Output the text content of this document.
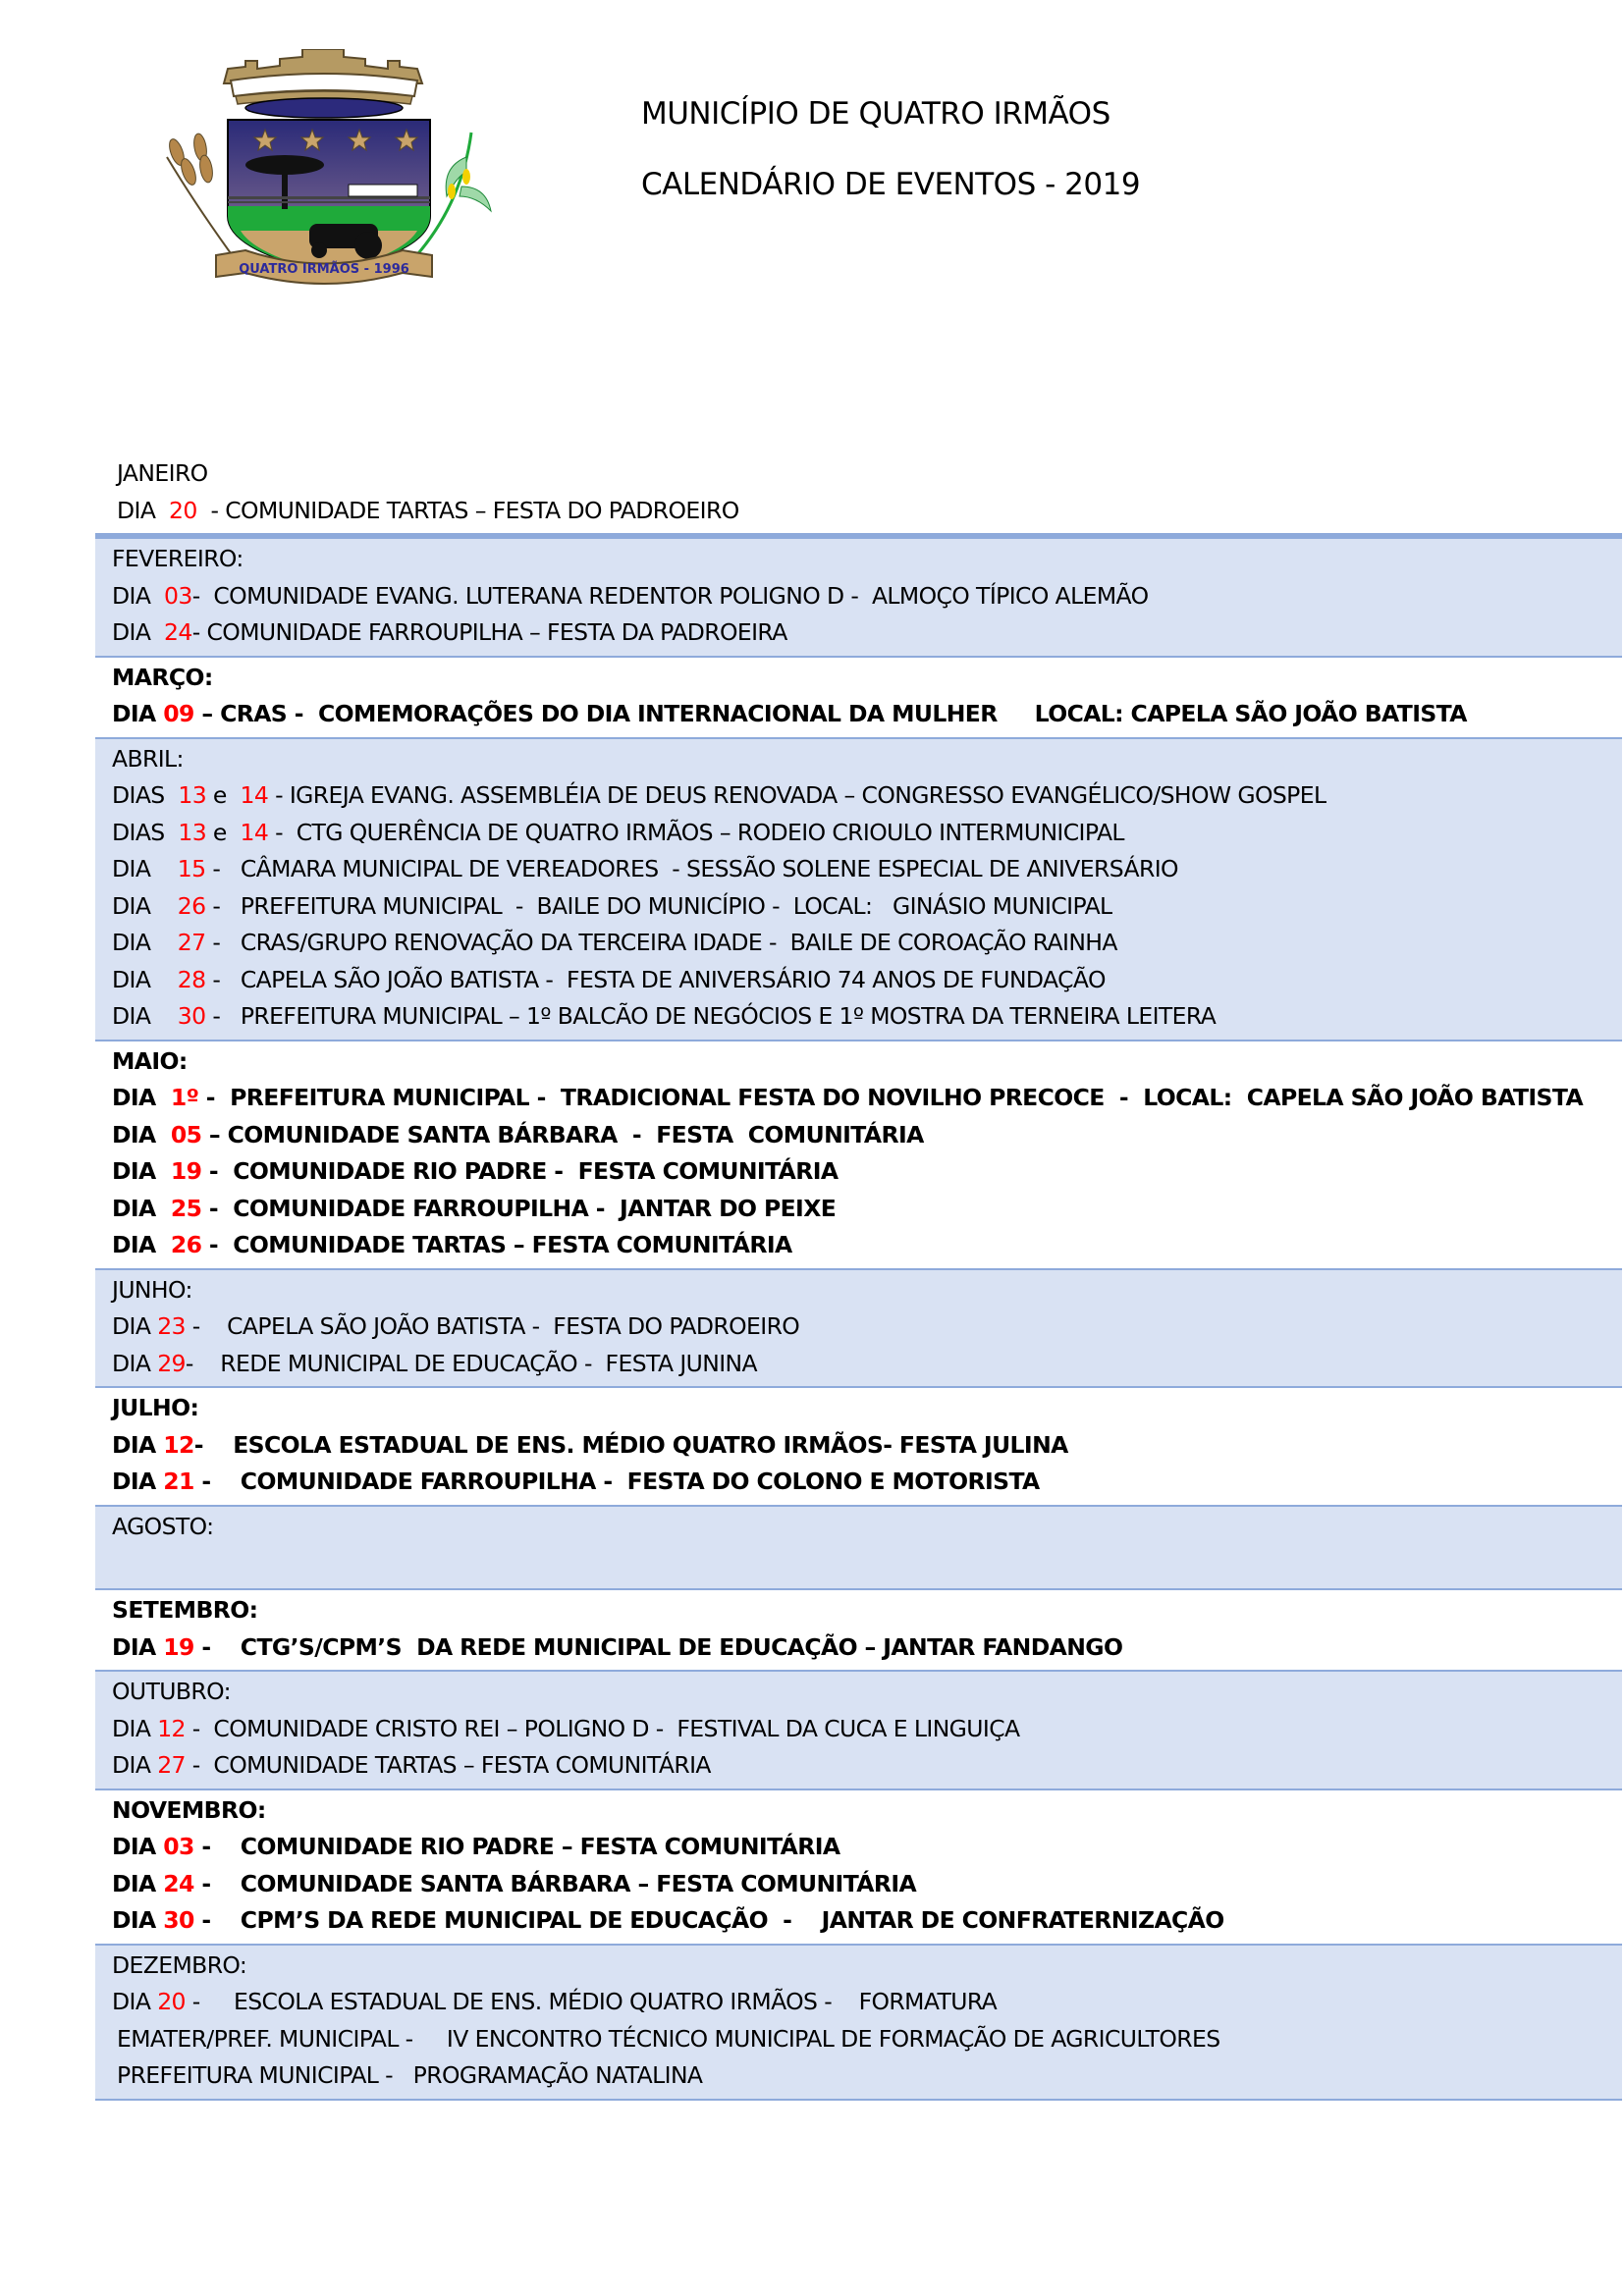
QUATRO IRMÃOS - 1996
MUNICÍPIO DE QUATRO IRMÃOS
CALENDÁRIO DE EVENTOS - 2019
JANEIRO
DIA  20  - COMUNIDADE TARTAS – FESTA DO PADROEIRO
FEVEREIRO:
DIA  03-  COMUNIDADE EVANG. LUTERANA REDENTOR POLIGNO D -  ALMOÇO TÍPICO ALEMÃO
DIA  24- COMUNIDADE FARROUPILHA – FESTA DA PADROEIRA
MARÇO:
DIA 09 – CRAS -  COMEMORAÇÕES DO DIA INTERNACIONAL DA MULHER     LOCAL: CAPELA SÃO JOÃO BATISTA
ABRIL:
DIAS  13 e  14 - IGREJA EVANG. ASSEMBLÉIA DE DEUS RENOVADA – CONGRESSO EVANGÉLICO/SHOW GOSPEL
DIAS  13 e  14 -  CTG QUERÊNCIA DE QUATRO IRMÃOS – RODEIO CRIOULO INTERMUNICIPAL
DIA    15 -   CÂMARA MUNICIPAL DE VEREADORES  - SESSÃO SOLENE ESPECIAL DE ANIVERSÁRIO
DIA    26 -   PREFEITURA MUNICIPAL  -  BAILE DO MUNICÍPIO -  LOCAL:   GINÁSIO MUNICIPAL
DIA    27 -   CRAS/GRUPO RENOVAÇÃO DA TERCEIRA IDADE -  BAILE DE COROAÇÃO RAINHA
DIA    28 -   CAPELA SÃO JOÃO BATISTA -  FESTA DE ANIVERSÁRIO 74 ANOS DE FUNDAÇÃO
DIA    30 -   PREFEITURA MUNICIPAL – 1º BALCÃO DE NEGÓCIOS E 1º MOSTRA DA TERNEIRA LEITERA
MAIO:
DIA  1º -  PREFEITURA MUNICIPAL -  TRADICIONAL FESTA DO NOVILHO PRECOCE  -  LOCAL:  CAPELA SÃO JOÃO BATISTA
DIA  05 – COMUNIDADE SANTA BÁRBARA  -  FESTA  COMUNITÁRIA
DIA  19 -  COMUNIDADE RIO PADRE -  FESTA COMUNITÁRIA
DIA  25 -  COMUNIDADE FARROUPILHA -  JANTAR DO PEIXE
DIA  26 -  COMUNIDADE TARTAS – FESTA COMUNITÁRIA
JUNHO:
DIA 23 -    CAPELA SÃO JOÃO BATISTA -  FESTA DO PADROEIRO
DIA 29-    REDE MUNICIPAL DE EDUCAÇÃO -  FESTA JUNINA
JULHO:
DIA 12-    ESCOLA ESTADUAL DE ENS. MÉDIO QUATRO IRMÃOS- FESTA JULINA
DIA 21 -    COMUNIDADE FARROUPILHA -  FESTA DO COLONO E MOTORISTA
AGOSTO:
SETEMBRO:
DIA 19 -    CTG’S/CPM’S  DA REDE MUNICIPAL DE EDUCAÇÃO – JANTAR FANDANGO
OUTUBRO:
DIA 12 -  COMUNIDADE CRISTO REI – POLIGNO D -  FESTIVAL DA CUCA E LINGUIÇA
DIA 27 -  COMUNIDADE TARTAS – FESTA COMUNITÁRIA
NOVEMBRO:
DIA 03 -    COMUNIDADE RIO PADRE – FESTA COMUNITÁRIA
DIA 24 -    COMUNIDADE SANTA BÁRBARA – FESTA COMUNITÁRIA
DIA 30 -    CPM’S DA REDE MUNICIPAL DE EDUCAÇÃO  -    JANTAR DE CONFRATERNIZAÇÃO
DEZEMBRO:
DIA 20 -     ESCOLA ESTADUAL DE ENS. MÉDIO QUATRO IRMÃOS -    FORMATURA
EMATER/PREF. MUNICIPAL -     IV ENCONTRO TÉCNICO MUNICIPAL DE FORMAÇÃO DE AGRICULTORES
PREFEITURA MUNICIPAL -   PROGRAMAÇÃO NATALINA
